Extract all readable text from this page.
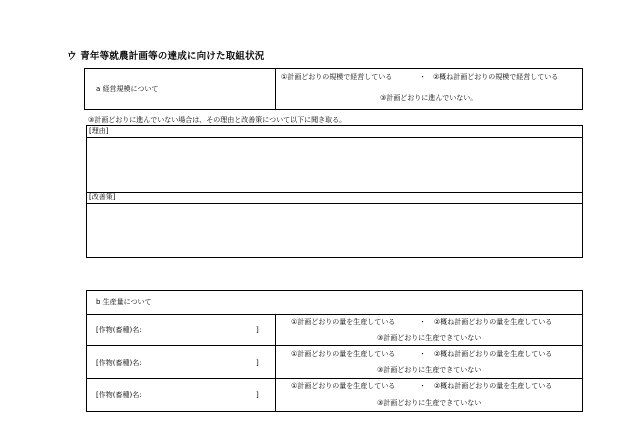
ウ 青年等就農計画等の達成に向けた取組状況
a 経営規模について
①計画どおりの規模で経営している	・ ②概ね計画どおりの規模で経営している
③計画どおりに進んでいない。
③計画どおりに進んでいない場合は、その理由と改善策について以下に聞き取る。
[理由]
[改善策]
b 生産量について
[作物(畜種)名:	]
①計画どおりの量を生産している	・ ②概ね計画どおりの量を生産している
③計画どおりに生産できていない
[作物(畜種)名:	]
①計画どおりの量を生産している	・ ②概ね計画どおりの量を生産している
③計画どおりに生産できていない
[作物(畜種)名:	]
①計画どおりの量を生産している	・ ②概ね計画どおりの量を生産している
③計画どおりに生産できていない
